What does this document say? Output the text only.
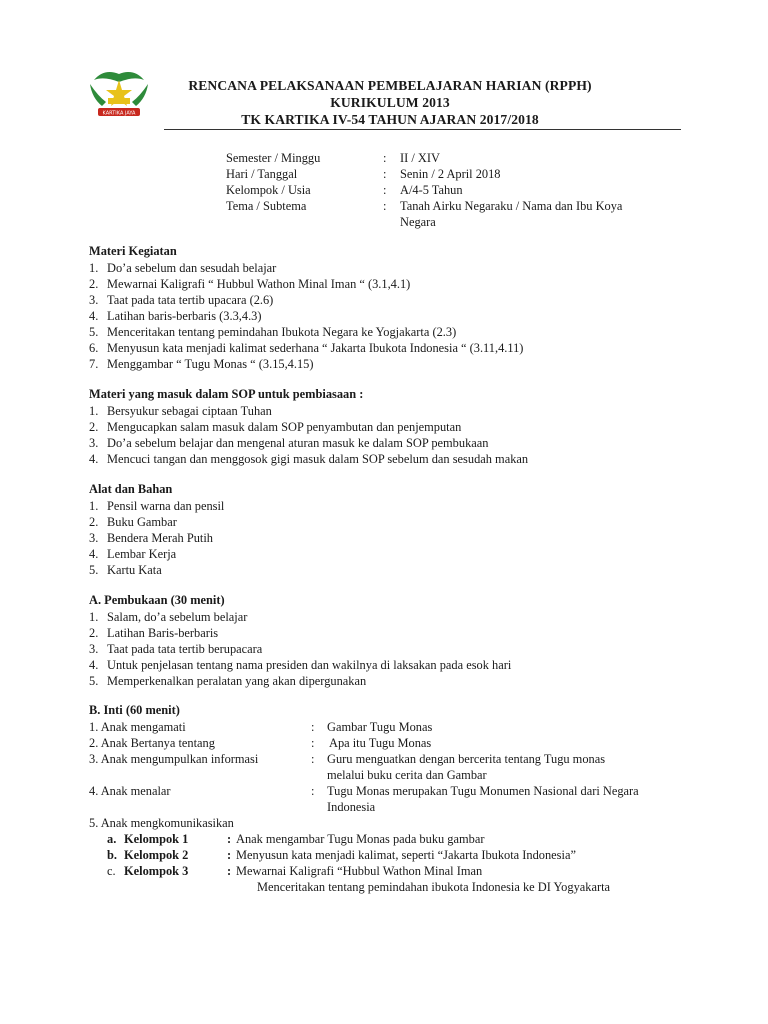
KARTIKA JAYA
RENCANA PELAKSANAAN PEMBELAJARAN HARIAN (RPPH)
KURIKULUM 2013
TK KARTIKA IV-54 TAHUN AJARAN 2017/2018
Semester / Minggu	: II / XIV
Hari / Tanggal	: Senin / 2 April 2018
Kelompok / Usia	: A/4-5 Tahun
Tema / Subtema	: Tanah Airku Negaraku / Nama dan Ibu Koya
Negara
Materi Kegiatan
1. Do’a sebelum dan sesudah belajar
2. Mewarnai Kaligrafi “ Hubbul Wathon Minal Iman “ (3.1,4.1)
3. Taat pada tata tertib upacara (2.6)
4. Latihan baris-berbaris (3.3,4.3)
5. Menceritakan tentang pemindahan Ibukota Negara ke Yogjakarta (2.3)
6. Menyusun kata menjadi kalimat sederhana “ Jakarta Ibukota Indonesia “ (3.11,4.11)
7. Menggambar “ Tugu Monas “ (3.15,4.15)
Materi yang masuk dalam SOP untuk pembiasaan :
1. Bersyukur sebagai ciptaan Tuhan
2. Mengucapkan salam masuk dalam SOP penyambutan dan penjemputan
3. Do’a sebelum belajar dan mengenal aturan masuk ke dalam SOP pembukaan
4. Mencuci tangan dan menggosok gigi masuk dalam SOP sebelum dan sesudah makan
Alat dan Bahan
1. Pensil warna dan pensil
2. Buku Gambar
3. Bendera Merah Putih
4. Lembar Kerja
5. Kartu Kata
A. Pembukaan (30 menit)
1. Salam, do’a sebelum belajar
2. Latihan Baris-berbaris
3. Taat pada tata tertib berupacara
4. Untuk penjelasan tentang nama presiden dan wakilnya di laksakan pada esok hari
5. Memperkenalkan peralatan yang akan dipergunakan
B. Inti (60 menit)
1. Anak mengamati	: Gambar Tugu Monas
2. Anak Bertanya tentang	: Apa itu Tugu Monas
3. Anak mengumpulkan informasi	: Guru menguatkan dengan bercerita tentang Tugu monas
melalui buku cerita dan Gambar
4. Anak menalar	: Tugu Monas merupakan Tugu Monumen Nasional dari Negara
Indonesia
5. Anak mengkomunikasikan
a. Kelompok 1	: Anak mengambar Tugu Monas pada buku gambar
b. Kelompok 2	: Menyusun kata menjadi kalimat, seperti “Jakarta Ibukota Indonesia”
c. Kelompok 3	: Mewarnai Kaligrafi “Hubbul Wathon Minal Iman
Menceritakan tentang pemindahan ibukota Indonesia ke DI Yogyakarta
